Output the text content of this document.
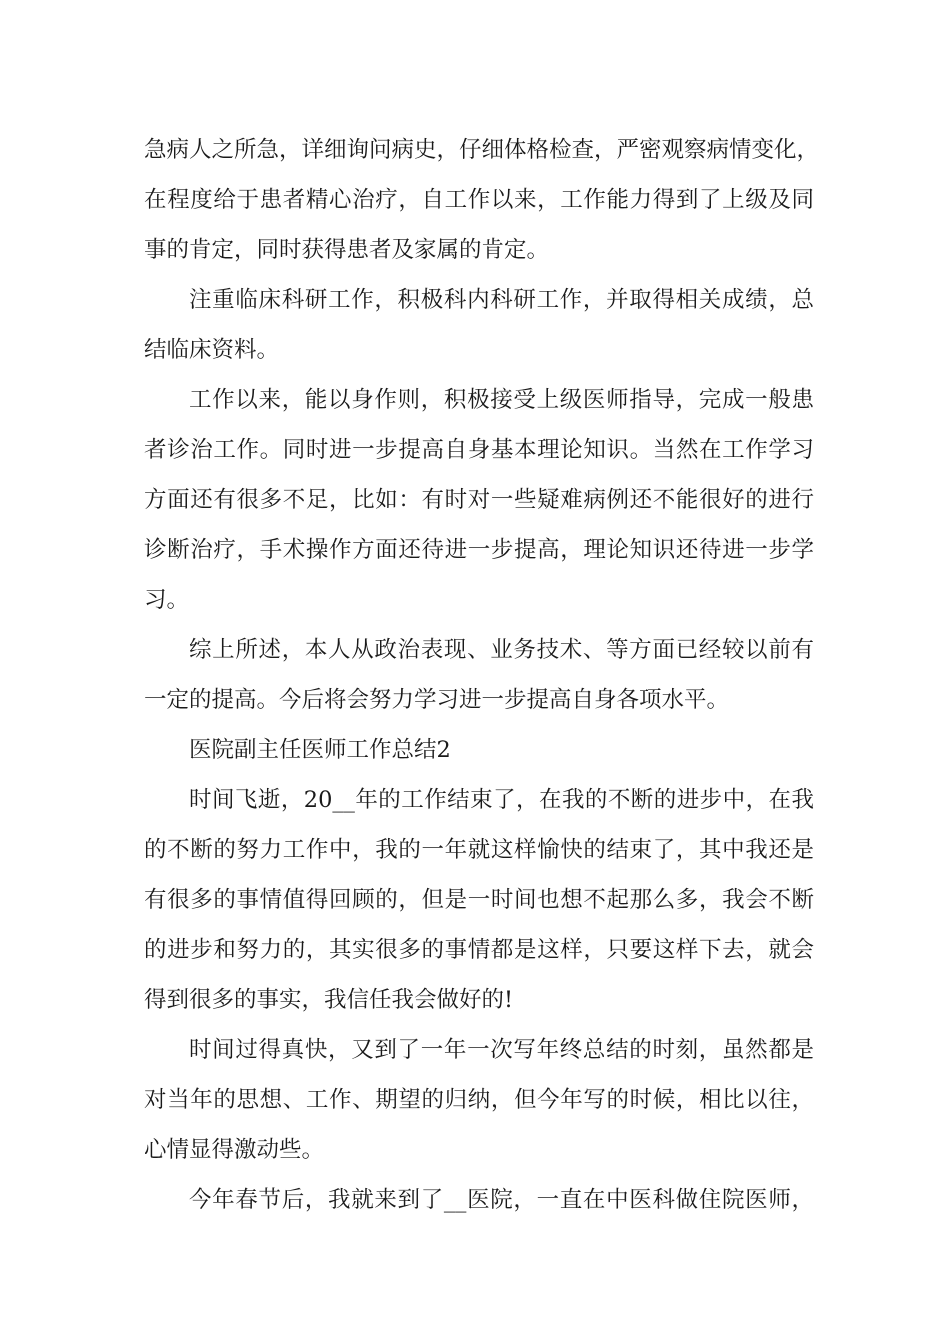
急病人之所急，详细询问病史，仔细体格检查，严密观察病情变化，
在程度给于患者精心治疗，自工作以来，工作能力得到了上级及同
事的肯定，同时获得患者及家属的肯定。
注重临床科研工作，积极科内科研工作，并取得相关成绩，总
结临床资料。
工作以来，能以身作则，积极接受上级医师指导，完成一般患
者诊治工作。同时进一步提高自身基本理论知识。当然在工作学习
方面还有很多不足，比如：有时对一些疑难病例还不能很好的进行
诊断治疗，手术操作方面还待进一步提高，理论知识还待进一步学
习。
综上所述，本人从政治表现、业务技术、等方面已经较以前有
一定的提高。今后将会努力学习进一步提高自身各项水平。
医院副主任医师工作总结2
时间飞逝，20__年的工作结束了，在我的不断的进步中，在我
的不断的努力工作中，我的一年就这样愉快的结束了，其中我还是
有很多的事情值得回顾的，但是一时间也想不起那么多，我会不断
的进步和努力的，其实很多的事情都是这样，只要这样下去，就会
得到很多的事实，我信任我会做好的!
时间过得真快，又到了一年一次写年终总结的时刻，虽然都是
对当年的思想、工作、期望的归纳，但今年写的时候，相比以往，
心情显得激动些。
今年春节后，我就来到了__医院，一直在中医科做住院医师，
